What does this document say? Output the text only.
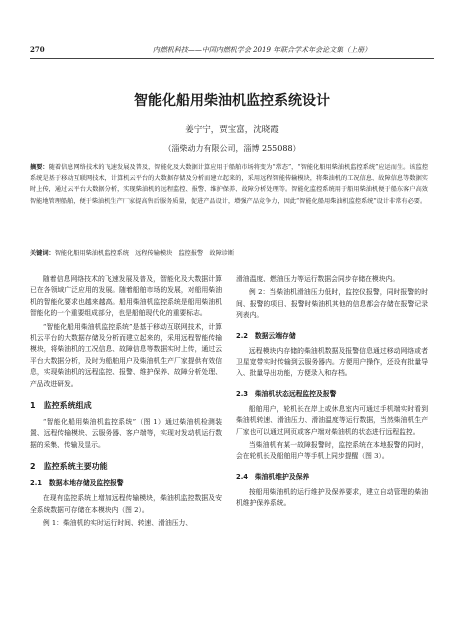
270	内燃机科技——中国内燃机学会 2019 年联合学术年会论文集（上册）
智能化船用柴油机监控系统设计
姜宁宁，贾宝富，沈晓霞
（淄柴动力有限公司，淄博 255088）
摘要：随着信息网络技术的飞速发展及普及，智能化及大数据计算应用于船舶市场将变为“常态”，“智能化船用柴油机监控系统”应运而生。该监控系统是基于移动互联网技术，计算机云平台的大数据存储及分析而建立起来的，采用远程智能传输模块，将柴油机的工况信息、故障信息等数据实时上传，通过云平台大数据分析，实现柴油机的远程监控、报警、维护保养、故障分析处理等。智能化监控系统用于船用柴油机便于船东客户高效智能地管理船舶，便于柴油机生产厂家提高售后服务质量，促进产品设计，增强产品竞争力，因此“智能化船用柴油机监控系统”设计非常有必要。
关键词：智能化船用柴油机监控系统　远程传输模块　监控报警　故障诊断

随着信息网络技术的飞速发展及普及，智能化及大数据计算已在各领域广泛应用的发展。随着船舶市场的发展，对船用柴油机的智能化要求也越来越高。船用柴油机监控系统是船用柴油机智能化的一个重要组成部分，也是船舶现代化的重要标志。

“智能化船用柴油机监控系统”是基于移动互联网技术，计算机云平台的大数据存储及分析而建立起来的，采用远程智能传输模块，将柴油机的工况信息、故障信息等数据实时上传，通过云平台大数据分析，及时为船舶用户及柴油机生产厂家提供有效信息，实现柴油机的远程监控、报警、维护保养、故障分析处理、产品改进研发。

1　监控系统组成

“智能化船用柴油机监控系统”（图 1）通过柴油机检测装置、远程传输模块、云服务器、客户端等，实现对发动机运行数据的采集、传输及显示。

2　监控系统主要功能
2.1　数据本地存储及监控报警

在现有监控系统上增加远程传输模块，柴油机监控数据及安全系统数据可存储在本模块内（图 2）。

例 1：柴油机的实时运行时间、转速、滑油压力、

滑油温度、燃油压力等运行数据会同步存储在模块内。

例 2：当柴油机滑油压力低时，监控仪报警，同时报警的时间、报警的项目、报警时柴油机其他的信息都会存储在报警记录列表内。

2.2　数据云端存储

远程模块内存储的柴油机数据及报警信息通过移动网络或者卫星宽带实时传输到云服务器内。方便用户操作，还设有批量导入、批量导出功能，方便录入和存档。

2.3　柴油机状态远程监控及报警

船舶用户，轮机长在岸上或休息室内可通过手机端实时看到柴油机转速、滑油压力、滑油温度等运行数据，当然柴油机生产厂家也可以通过网页或客户端对柴油机的状态进行远程监控。

当柴油机有某一故障报警时，监控系统在本地报警的同时，会在轮机长及船舶用户等手机上同步提醒（图 3）。

2.4　柴油机维护及保养

按船用柴油机的运行维护及保养要求，建立自动管理的柴油机维护保养系统。
